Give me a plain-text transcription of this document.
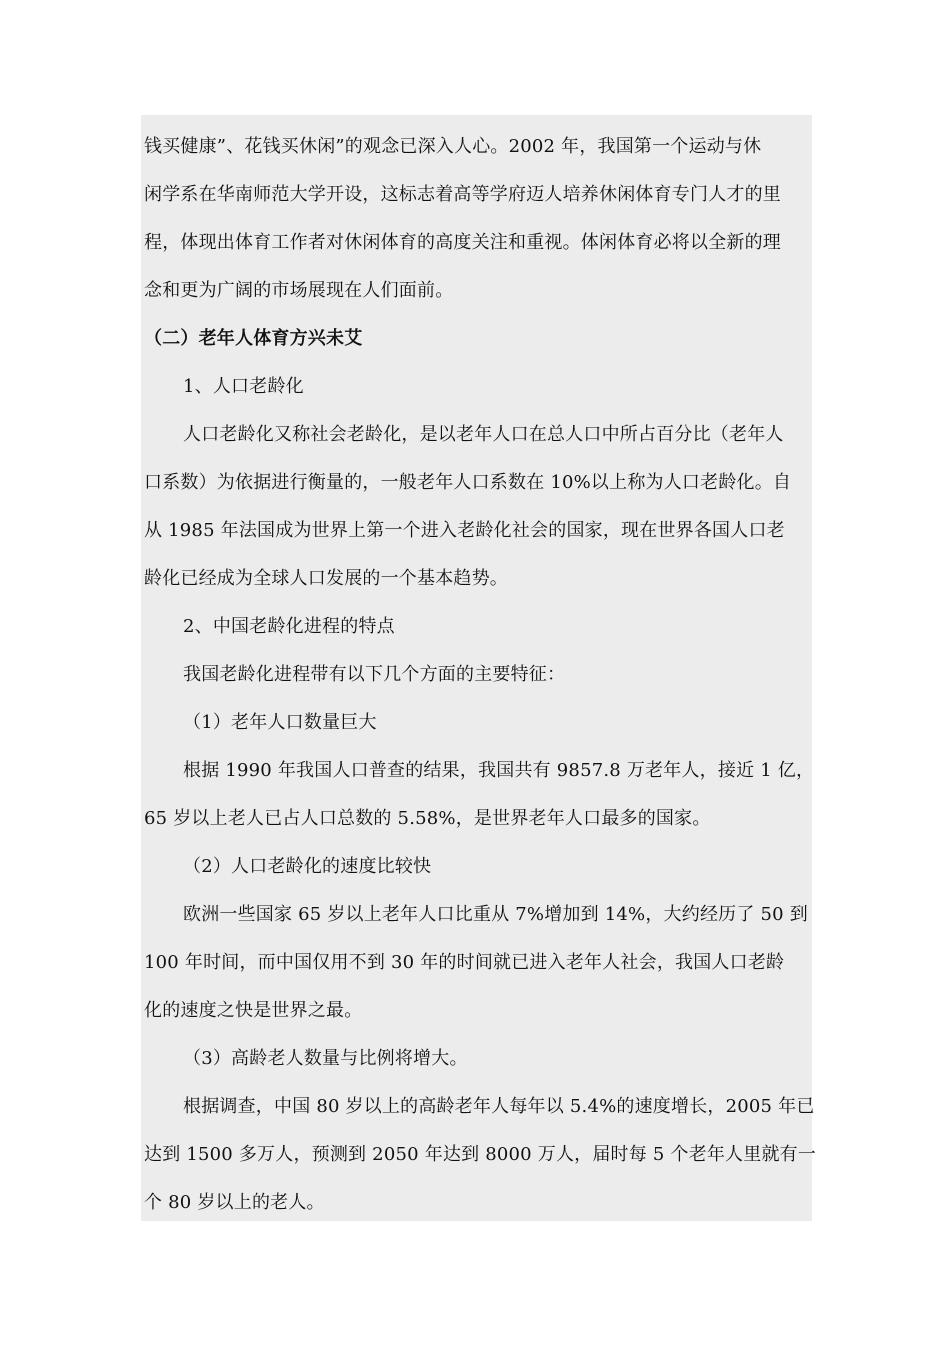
钱买健康”、花钱买休闲”的观念已深入人心。2002 年，我国第一个运动与休
闲学系在华南师范大学开设，这标志着高等学府迈人培养休闲体育专门人才的里
程，体现出体育工作者对休闲体育的高度关注和重视。体闲体育必将以全新的理
念和更为广阔的市场展现在人们面前。
（二）老年人体育方兴未艾
1、人口老龄化
人口老龄化又称社会老龄化，是以老年人口在总人口中所占百分比（老年人
口系数）为依据进行衡量的，一般老年人口系数在 10%以上称为人口老龄化。自
从 1985 年法国成为世界上第一个进入老龄化社会的国家，现在世界各国人口老
龄化已经成为全球人口发展的一个基本趋势。
2、中国老龄化进程的特点
我国老龄化进程带有以下几个方面的主要特征：
（1）老年人口数量巨大
根据 1990 年我国人口普查的结果，我国共有 9857.8 万老年人，接近 1 亿，
65 岁以上老人已占人口总数的 5.58%，是世界老年人口最多的国家。
（2）人口老龄化的速度比较快
欧洲一些国家 65 岁以上老年人口比重从 7%增加到 14%，大约经历了 50 到
100 年时间，而中国仅用不到 30 年的时间就已进入老年人社会，我国人口老龄
化的速度之快是世界之最。
（3）高龄老人数量与比例将增大。
根据调查，中国 80 岁以上的高龄老年人每年以 5.4%的速度增长，2005 年已
达到 1500 多万人，预测到 2050 年达到 8000 万人，届时每 5 个老年人里就有一
个 80 岁以上的老人。
